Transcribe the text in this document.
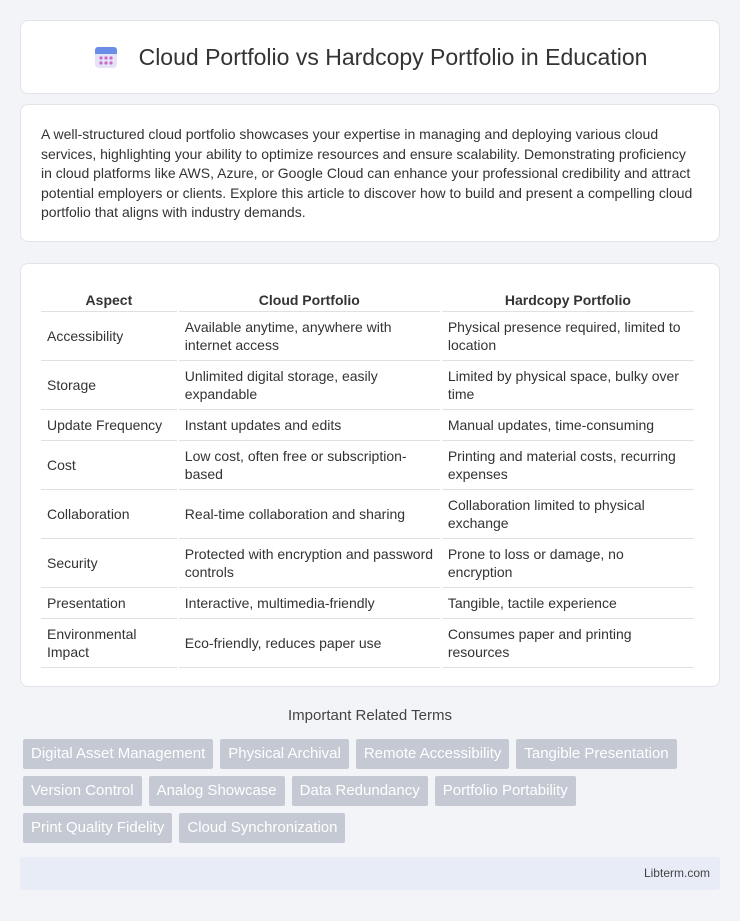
Cloud Portfolio vs Hardcopy Portfolio in Education

A well-structured cloud portfolio showcases your expertise in managing and deploying various cloud services, highlighting your ability to optimize resources and ensure scalability. Demonstrating proficiency in cloud platforms like AWS, Azure, or Google Cloud can enhance your professional credibility and attract potential employers or clients. Explore this article to discover how to build and present a compelling cloud portfolio that aligns with industry demands.

Aspect	Cloud Portfolio	Hardcopy Portfolio
Accessibility	Available anytime, anywhere with internet access	Physical presence required, limited to location
Storage	Unlimited digital storage, easily expandable	Limited by physical space, bulky over time
Update Frequency	Instant updates and edits	Manual updates, time-consuming
Cost	Low cost, often free or subscription-based	Printing and material costs, recurring expenses
Collaboration	Real-time collaboration and sharing	Collaboration limited to physical exchange
Security	Protected with encryption and password controls	Prone to loss or damage, no encryption
Presentation	Interactive, multimedia-friendly	Tangible, tactile experience
Environmental Impact	Eco-friendly, reduces paper use	Consumes paper and printing resources
Important Related Terms
Digital Asset Management	Physical Archival	Remote Accessibility	Tangible Presentation
Version Control	Analog Showcase	Data Redundancy	Portfolio Portability
Print Quality Fidelity	Cloud Synchronization
Libterm.com
